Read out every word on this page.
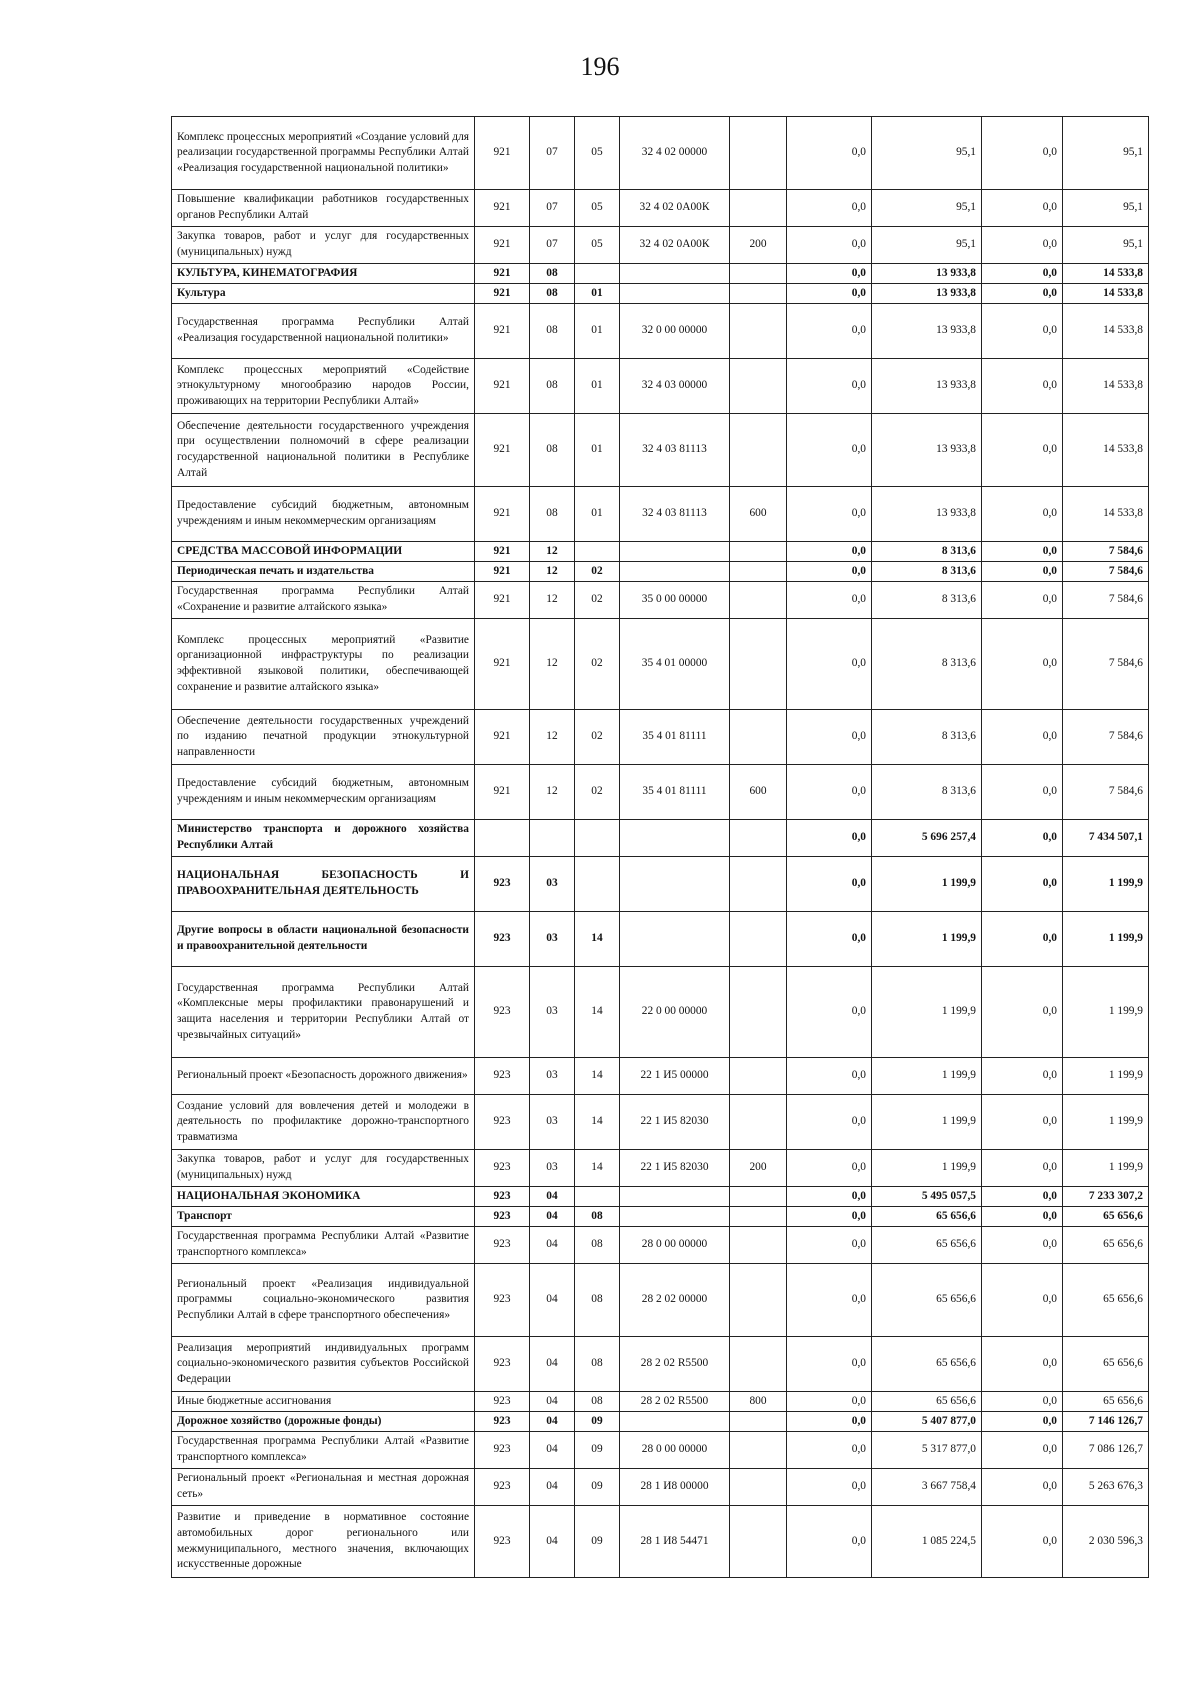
196
Комплекс процессных мероприятий «Создание условий для реализации государственной программы Республики Алтай «Реализация государственной национальной политики»	921	07	05	32 4 02 00000		0,0	95,1	0,0	95,1
Повышение квалификации работников государственных органов Республики Алтай	921	07	05	32 4 02 0А00К		0,0	95,1	0,0	95,1
Закупка товаров, работ и услуг для государственных (муниципальных) нужд	921	07	05	32 4 02 0А00К	200	0,0	95,1	0,0	95,1
КУЛЬТУРА, КИНЕМАТОГРАФИЯ	921	08				0,0	13 933,8	0,0	14 533,8
Культура	921	08	01			0,0	13 933,8	0,0	14 533,8
Государственная программа Республики Алтай «Реализация государственной национальной политики»	921	08	01	32 0 00 00000		0,0	13 933,8	0,0	14 533,8
Комплекс процессных мероприятий «Содействие этнокультурному многообразию народов России, проживающих на территории Республики Алтай»	921	08	01	32 4 03 00000		0,0	13 933,8	0,0	14 533,8
Обеспечение деятельности государственного учреждения при осуществлении полномочий в сфере реализации государственной национальной политики в Республике Алтай	921	08	01	32 4 03 81113		0,0	13 933,8	0,0	14 533,8
Предоставление субсидий бюджетным, автономным учреждениям и иным некоммерческим организациям	921	08	01	32 4 03 81113	600	0,0	13 933,8	0,0	14 533,8
СРЕДСТВА МАССОВОЙ ИНФОРМАЦИИ	921	12				0,0	8 313,6	0,0	7 584,6
Периодическая печать и издательства	921	12	02			0,0	8 313,6	0,0	7 584,6
Государственная программа Республики Алтай «Сохранение и развитие алтайского языка»	921	12	02	35 0 00 00000		0,0	8 313,6	0,0	7 584,6
Комплекс процессных мероприятий «Развитие организационной инфраструктуры по реализации эффективной языковой политики, обеспечивающей сохранение и развитие алтайского языка»	921	12	02	35 4 01 00000		0,0	8 313,6	0,0	7 584,6
Обеспечение деятельности государственных учреждений по изданию печатной продукции этнокультурной направленности	921	12	02	35 4 01 81111		0,0	8 313,6	0,0	7 584,6
Предоставление субсидий бюджетным, автономным учреждениям и иным некоммерческим организациям	921	12	02	35 4 01 81111	600	0,0	8 313,6	0,0	7 584,6
Министерство транспорта и дорожного хозяйства Республики Алтай						0,0	5 696 257,4	0,0	7 434 507,1
НАЦИОНАЛЬНАЯ БЕЗОПАСНОСТЬ И ПРАВООХРАНИТЕЛЬНАЯ ДЕЯТЕЛЬНОСТЬ	923	03				0,0	1 199,9	0,0	1 199,9
Другие вопросы в области национальной безопасности и правоохранительной деятельности	923	03	14			0,0	1 199,9	0,0	1 199,9
Государственная программа Республики Алтай «Комплексные меры профилактики правонарушений и защита населения и территории Республики Алтай от чрезвычайных ситуаций»	923	03	14	22 0 00 00000		0,0	1 199,9	0,0	1 199,9
Региональный проект «Безопасность дорожного движения»	923	03	14	22 1 И5 00000		0,0	1 199,9	0,0	1 199,9
Создание условий для вовлечения детей и молодежи в деятельность по профилактике дорожно-транспортного травматизма	923	03	14	22 1 И5 82030		0,0	1 199,9	0,0	1 199,9
Закупка товаров, работ и услуг для государственных (муниципальных) нужд	923	03	14	22 1 И5 82030	200	0,0	1 199,9	0,0	1 199,9
НАЦИОНАЛЬНАЯ ЭКОНОМИКА	923	04				0,0	5 495 057,5	0,0	7 233 307,2
Транспорт	923	04	08			0,0	65 656,6	0,0	65 656,6
Государственная программа Республики Алтай «Развитие транспортного комплекса»	923	04	08	28 0 00 00000		0,0	65 656,6	0,0	65 656,6
Региональный проект «Реализация индивидуальной программы социально-экономического развития Республики Алтай в сфере транспортного обеспечения»	923	04	08	28 2 02 00000		0,0	65 656,6	0,0	65 656,6
Реализация мероприятий индивидуальных программ социально-экономического развития субъектов Российской Федерации	923	04	08	28 2 02 R5500		0,0	65 656,6	0,0	65 656,6
Иные бюджетные ассигнования	923	04	08	28 2 02 R5500	800	0,0	65 656,6	0,0	65 656,6
Дорожное хозяйство (дорожные фонды)	923	04	09			0,0	5 407 877,0	0,0	7 146 126,7
Государственная программа Республики Алтай «Развитие транспортного комплекса»	923	04	09	28 0 00 00000		0,0	5 317 877,0	0,0	7 086 126,7
Региональный проект «Региональная и местная дорожная сеть»	923	04	09	28 1 И8 00000		0,0	3 667 758,4	0,0	5 263 676,3
Развитие и приведение в нормативное состояние автомобильных дорог регионального или межмуниципального, местного значения, включающих искусственные дорожные	923	04	09	28 1 И8 54471		0,0	1 085 224,5	0,0	2 030 596,3
